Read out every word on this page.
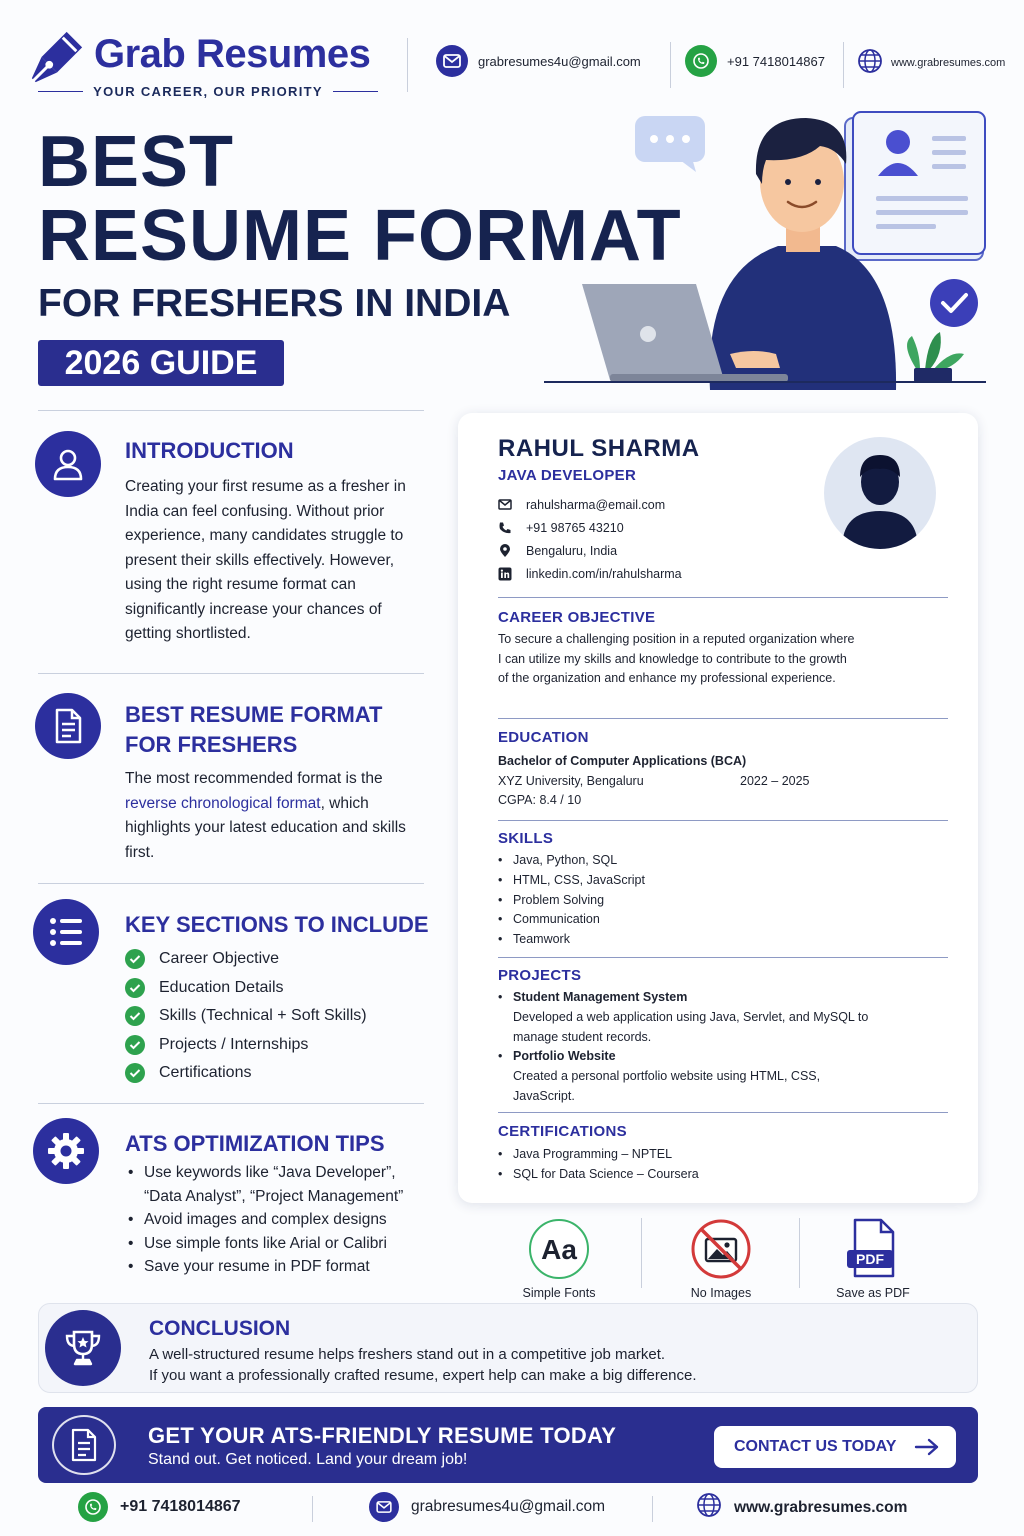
Grab Resumes
YOUR CAREER, OUR PRIORITY
grabresumes4u@gmail.com	+91 7418014867	www.grabresumes.com
BEST
RESUME FORMAT
FOR FRESHERS IN INDIA
2026 GUIDE
INTRODUCTION
Creating your first resume as a fresher in India can feel confusing. Without prior experience, many candidates struggle to present their skills effectively. However, using the right resume format can significantly increase your chances of getting shortlisted.
BEST RESUME FORMAT
FOR FRESHERS
The most recommended format is the
reverse chronological format, which highlights your latest education and skills first.
KEY SECTIONS TO INCLUDE
Career Objective
Education Details
Skills (Technical + Soft Skills)
Projects / Internships
Certifications
ATS OPTIMIZATION TIPS
• Use keywords like “Java Developer”, “Data Analyst”, “Project Management”
• Avoid images and complex designs
• Use simple fonts like Arial or Calibri
• Save your resume in PDF format
RAHUL SHARMA
JAVA DEVELOPER
rahulsharma@email.com
+91 98765 43210
Bengaluru, India
linkedin.com/in/rahulsharma
CAREER OBJECTIVE
To secure a challenging position in a reputed organization where I can utilize my skills and knowledge to contribute to the growth of the organization and enhance my professional experience.
EDUCATION
Bachelor of Computer Applications (BCA)
XYZ University, Bengaluru	2022 – 2025
CGPA: 8.4 / 10
SKILLS
• Java, Python, SQL
• HTML, CSS, JavaScript
• Problem Solving
• Communication
• Teamwork
PROJECTS
• Student Management System
Developed a web application using Java, Servlet, and MySQL to manage student records.
• Portfolio Website
Created a personal portfolio website using HTML, CSS, JavaScript.
CERTIFICATIONS
• Java Programming – NPTEL
• SQL for Data Science – Coursera
Aa
Simple Fonts	No Images
PDF
Save as PDF
CONCLUSION
A well-structured resume helps freshers stand out in a competitive job market.
If you want a professionally crafted resume, expert help can make a big difference.
GET YOUR ATS-FRIENDLY RESUME TODAY
Stand out. Get noticed. Land your dream job!
CONTACT US TODAY
+91 7418014867	grabresumes4u@gmail.com	www.grabresumes.com
